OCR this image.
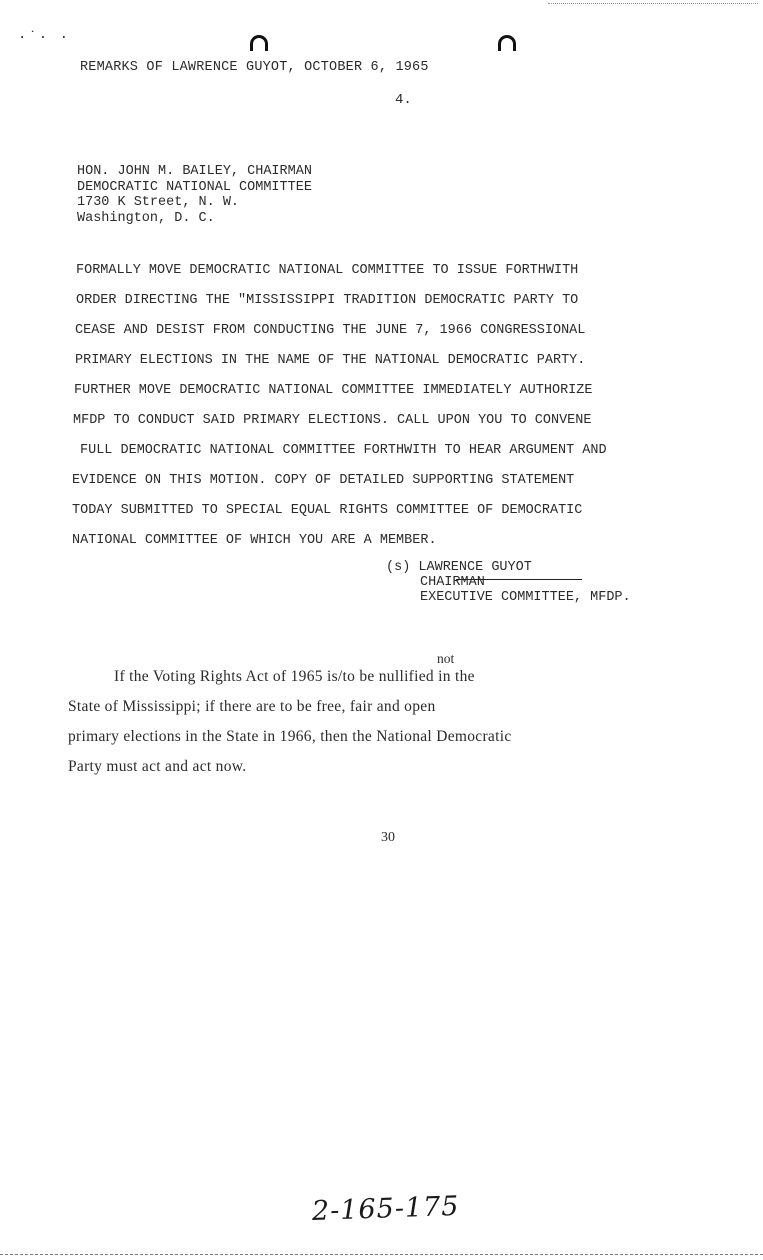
·˙· ·
REMARKS OF LAWRENCE GUYOT, OCTOBER 6, 1965
4.
HON. JOHN M. BAILEY, CHAIRMAN
DEMOCRATIC NATIONAL COMMITTEE
1730 K Street, N. W.
Washington, D. C.
FORMALLY MOVE DEMOCRATIC NATIONAL COMMITTEE TO ISSUE FORTHWITH
ORDER DIRECTING THE "MISSISSIPPI TRADITION DEMOCRATIC PARTY TO
CEASE AND DESIST FROM CONDUCTING THE JUNE 7, 1966 CONGRESSIONAL
PRIMARY ELECTIONS IN THE NAME OF THE NATIONAL DEMOCRATIC PARTY.
FURTHER MOVE DEMOCRATIC NATIONAL COMMITTEE IMMEDIATELY AUTHORIZE
MFDP TO CONDUCT SAID PRIMARY ELECTIONS. CALL UPON YOU TO CONVENE
FULL DEMOCRATIC NATIONAL COMMITTEE FORTHWITH TO HEAR ARGUMENT AND
EVIDENCE ON THIS MOTION. COPY OF DETAILED SUPPORTING STATEMENT
TODAY SUBMITTED TO SPECIAL EQUAL RIGHTS COMMITTEE OF DEMOCRATIC
NATIONAL COMMITTEE OF WHICH YOU ARE A MEMBER.
(s) LAWRENCE GUYOT
CHAIRMAN
EXECUTIVE COMMITTEE, MFDP.
not
If the Voting Rights Act of 1965 is/to be nullified in the
State of Mississippi; if there are to be free, fair and open
primary elections in the State in 1966, then the National Democratic
Party must act and act now.
30
2-165-175
